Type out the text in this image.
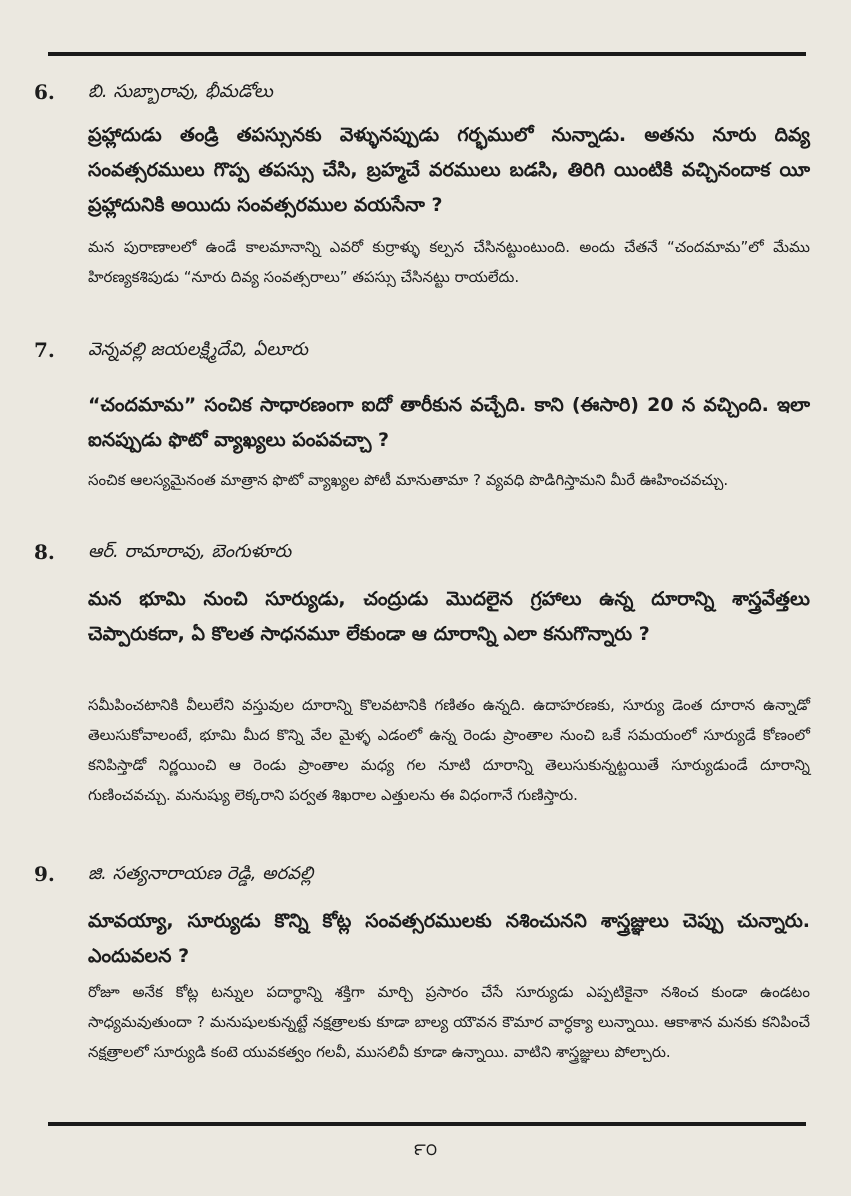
6. బి. సుబ్బారావు, భీమడోలు
ప్రహ్లాదుడు తండ్రి తపస్సునకు వెళ్ళునప్పుడు గర్భములో నున్నాడు. అతను నూరు దివ్య సంవత్సరములు గొప్ప తపస్సు చేసి, బ్రహ్మచే వరములు బడసి, తిరిగి యింటికి వచ్చినందాక యీ ప్రహ్లాదునికి అయిదు సంవత్సరముల వయసేనా ?
మన పురాణాలలో ఉండే కాలమానాన్ని ఎవరో కుర్రాళ్ళు కల్పన చేసినట్టుంటుంది. అందు చేతనే “చందమామ”లో మేము హిరణ్యకశిపుడు “నూరు దివ్య సంవత్సరాలు” తపస్సు చేసినట్టు రాయలేదు.
7. వెన్నవల్లి జయలక్ష్మిదేవి, ఏలూరు
“చందమామ” సంచిక సాధారణంగా ఐదో తారీకున వచ్చేది. కాని (ఈసారి) 20 న వచ్చింది. ఇలా ఐనప్పుడు ఫొటో వ్యాఖ్యలు పంపవచ్చా ?
సంచిక ఆలస్యమైనంత మాత్రాన ఫొటో వ్యాఖ్యల పోటీ మానుతామా ? వ్యవధి పొడిగిస్తామని మీరే ఊహించవచ్చు.
8. ఆర్. రామారావు, బెంగుళూరు
మన భూమి నుంచి సూర్యుడు, చంద్రుడు మొదలైన గ్రహాలు ఉన్న దూరాన్ని శాస్త్రవేత్తలు చెప్పారుకదా, ఏ కొలత సాధనమూ లేకుండా ఆ దూరాన్ని ఎలా కనుగొన్నారు ?
సమీపించటానికి వీలులేని వస్తువుల దూరాన్ని కొలవటానికి గణితం ఉన్నది. ఉదాహరణకు, సూర్యు డెంత దూరాన ఉన్నాడో తెలుసుకోవాలంటే, భూమి మీద కొన్ని వేల మైళ్ళ ఎడంలో ఉన్న రెండు ప్రాంతాల నుంచి ఒకే సమయంలో సూర్యుడే కోణంలో కనిపిస్తాడో నిర్ణయించి ఆ రెండు ప్రాంతాల మధ్య గల నూటి దూరాన్ని తెలుసుకున్నట్టయితే సూర్యుడుండే దూరాన్ని గుణించవచ్చు. మనుష్యు లెక్కరాని పర్వత శిఖరాల ఎత్తులను ఈ విధంగానే గుణిస్తారు.
9. జి. సత్యనారాయణ రెడ్డి, అరవల్లి
మావయ్యా, సూర్యుడు కొన్ని కోట్ల సంవత్సరములకు నశించునని శాస్త్రజ్ఞులు చెప్పు చున్నారు. ఎందువలన ?
రోజూ అనేక కోట్ల టన్నుల పదార్థాన్ని శక్తిగా మార్చి ప్రసారం చేసే సూర్యుడు ఎప్పటికైనా నశించ కుండా ఉండటం సాధ్యమవుతుందా ? మనుషులకున్నట్టే నక్షత్రాలకు కూడా బాల్య యౌవన కౌమార వార్ధక్యా లున్నాయి. ఆకాశాన మనకు కనిపించే నక్షత్రాలలో సూర్యుడి కంటె యువకత్వం గలవీ, ముసలివీ కూడా ఉన్నాయి. వాటిని శాస్త్రజ్ఞులు పోల్చారు.
౯౦
